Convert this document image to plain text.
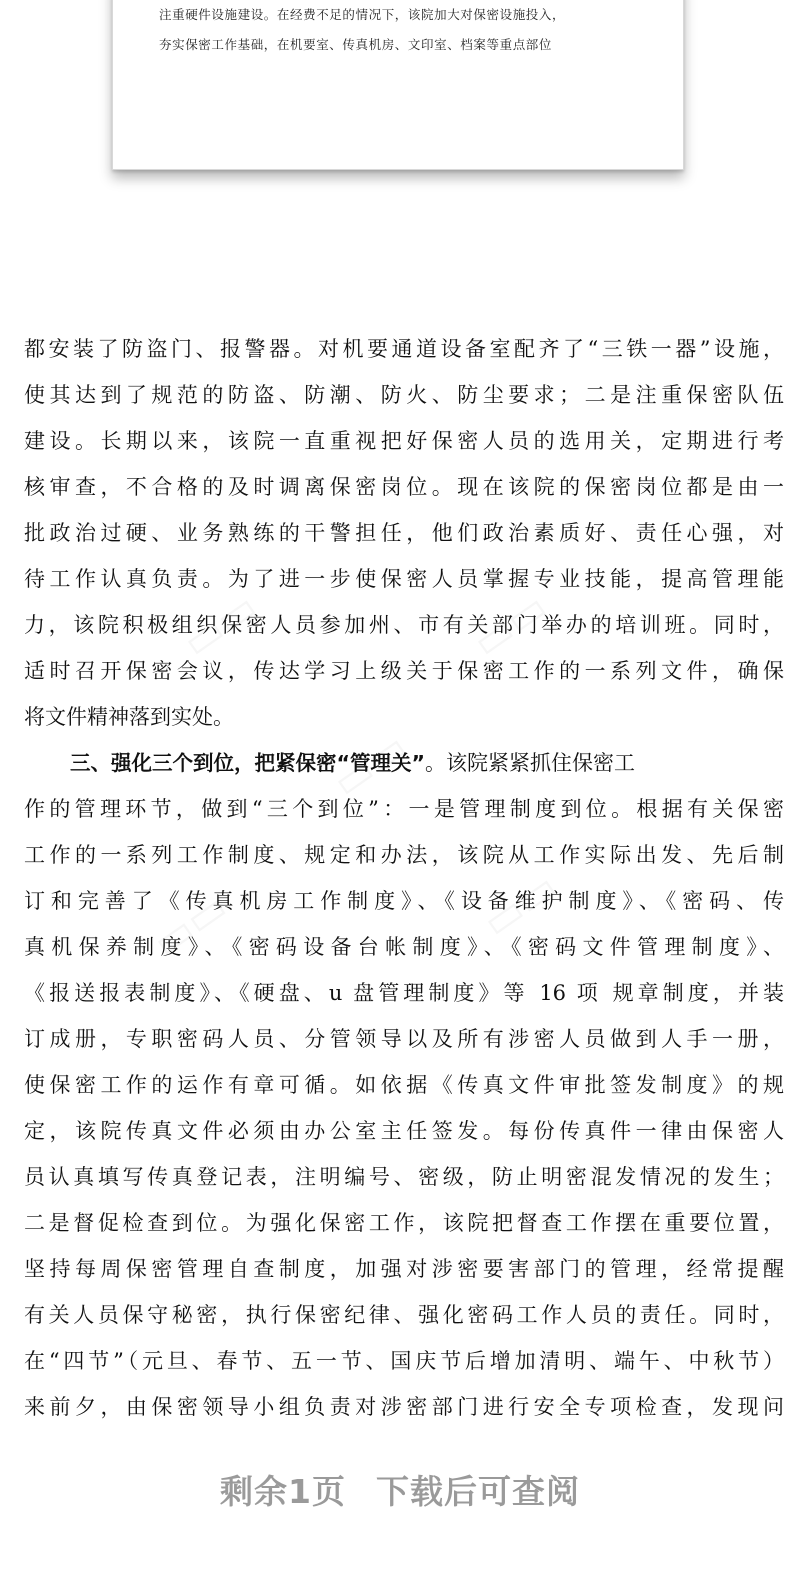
注重硬件设施建设。在经费不足的情况下，该院加大对保密设施投入，
夯实保密工作基础，在机要室、传真机房、文印室、档案等重点部位
都安装了防盗门、报警器。对机要通道设备室配齐了“三铁一器”设施，
使其达到了规范的防盗、防潮、防火、防尘要求；二是注重保密队伍
建设。长期以来，该院一直重视把好保密人员的选用关，定期进行考
核审查，不合格的及时调离保密岗位。现在该院的保密岗位都是由一
批政治过硬、业务熟练的干警担任，他们政治素质好、责任心强，对
待工作认真负责。为了进一步使保密人员掌握专业技能，提高管理能
力，该院积极组织保密人员参加州、市有关部门举办的培训班。同时，
适时召开保密会议，传达学习上级关于保密工作的一系列文件，确保
将文件精神落到实处。
三、强化三个到位，把紧保密“管理关”。该院紧紧抓住保密工
作的管理环节，做到“三个到位”：一是管理制度到位。根据有关保密
工作的一系列工作制度、规定和办法，该院从工作实际出发、先后制
订和完善了《传真机房工作制度》、《设备维护制度》、《密码、传
真机保养制度》、《密码设备台帐制度》、《密码文件管理制度》、
《报送报表制度》、《硬盘、u 盘管理制度》等 16 项 规章制度，并装
订成册，专职密码人员、分管领导以及所有涉密人员做到人手一册，
使保密工作的运作有章可循。如依据《传真文件审批签发制度》的规
定，该院传真文件必须由办公室主任签发。每份传真件一律由保密人
员认真填写传真登记表，注明编号、密级，防止明密混发情况的发生；
二是督促检查到位。为强化保密工作，该院把督查工作摆在重要位置，
坚持每周保密管理自查制度，加强对涉密要害部门的管理，经常提醒
有关人员保守秘密，执行保密纪律、强化密码工作人员的责任。同时，
在“四节”（元旦、春节、五一节、国庆节后增加清明、端午、中秋节）
来前夕，由保密领导小组负责对涉密部门进行安全专项检查，发现问
剩余1页 下载后可查阅
